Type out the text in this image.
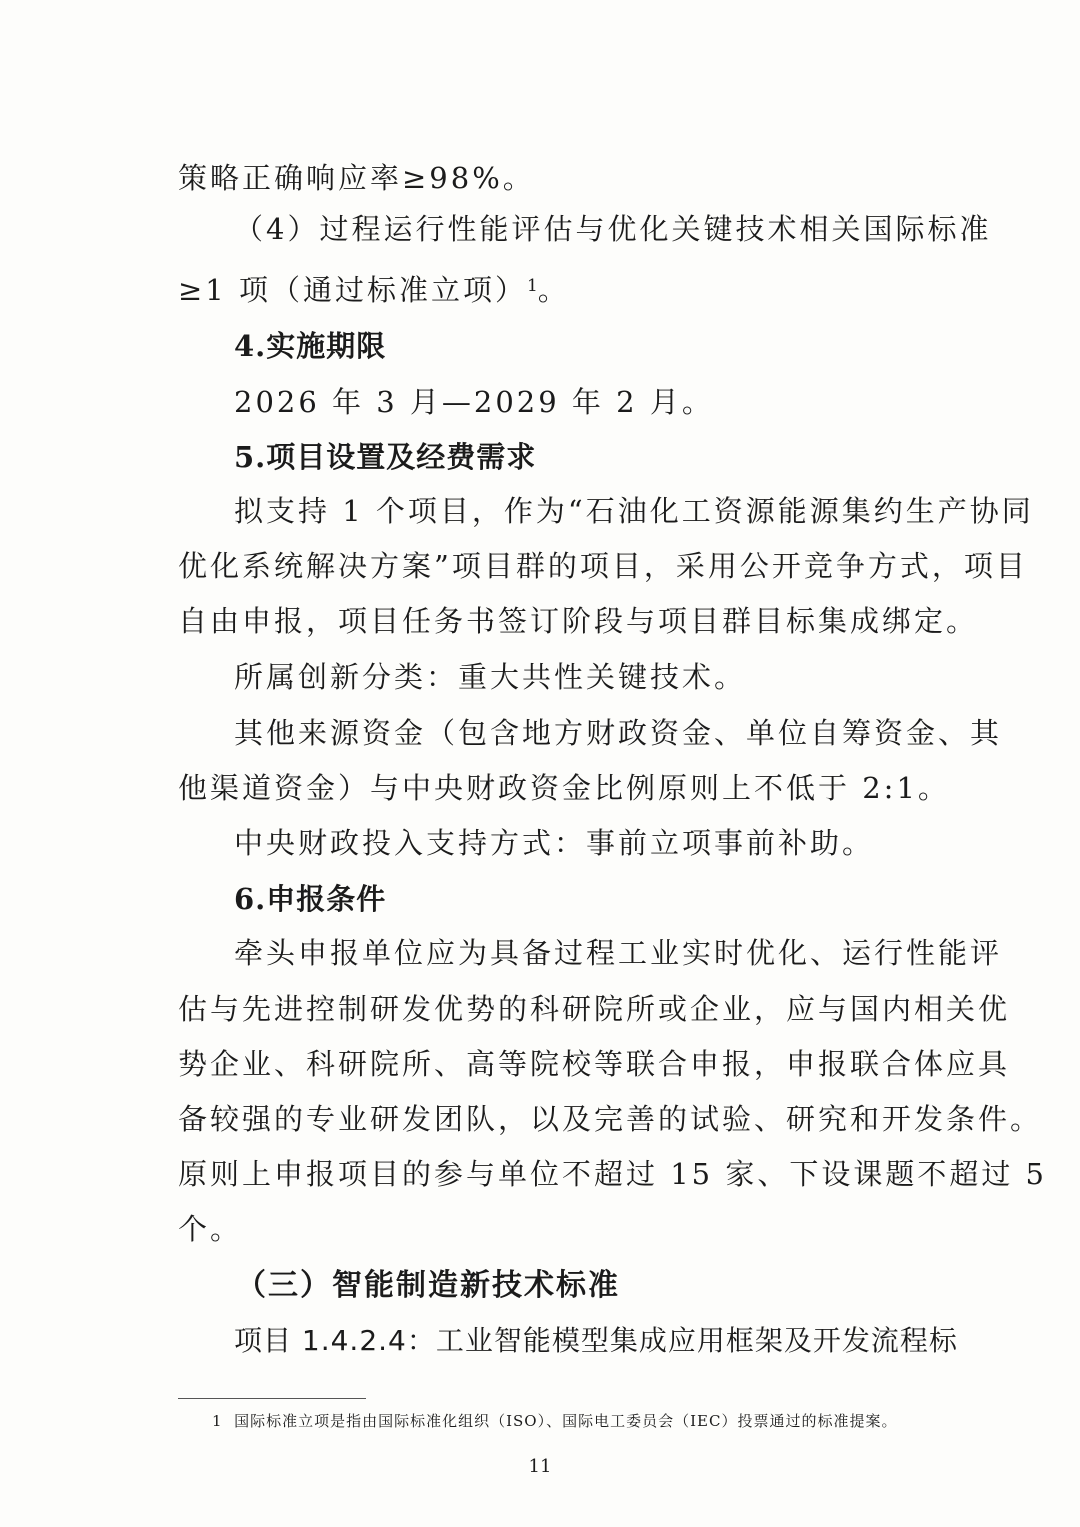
策略正确响应率≥98%。
（4）过程运行性能评估与优化关键技术相关国际标准
≥1 项（通过标准立项）$^1$。
4.实施期限
2026 年 3 月—2029 年 2 月。
5.项目设置及经费需求
拟支持 1 个项目，作为“石油化工资源能源集约生产协同
优化系统解决方案”项目群的项目，采用公开竞争方式，项目
自由申报，项目任务书签订阶段与项目群目标集成绑定。
所属创新分类：重大共性关键技术。
其他来源资金（包含地方财政资金、单位自筹资金、其
他渠道资金）与中央财政资金比例原则上不低于 2:1。
中央财政投入支持方式：事前立项事前补助。
6.申报条件
牵头申报单位应为具备过程工业实时优化、运行性能评
估与先进控制研发优势的科研院所或企业，应与国内相关优
势企业、科研院所、高等院校等联合申报，申报联合体应具
备较强的专业研发团队，以及完善的试验、研究和开发条件。
原则上申报项目的参与单位不超过 15 家、下设课题不超过 5
个。
（三）智能制造新技术标准
项目 1.4.2.4：工业智能模型集成应用框架及开发流程标
1 国际标准立项是指由国际标准化组织（ISO）、国际电工委员会（IEC）投票通过的标准提案。
11
